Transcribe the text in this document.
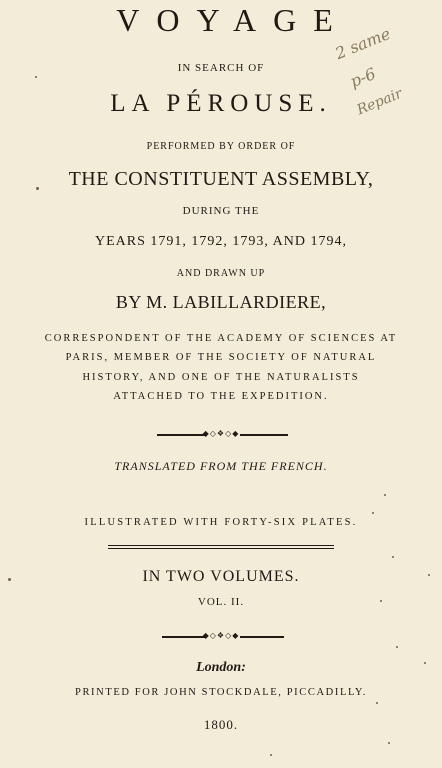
VOYAGE
IN SEARCH OF
LA PÉROUSE.
PERFORMED BY ORDER OF
THE CONSTITUENT ASSEMBLY,
DURING THE
YEARS 1791, 1792, 1793, AND 1794,
AND DRAWN UP
BY M. LABILLARDIERE,
CORRESPONDENT OF THE ACADEMY OF SCIENCES AT
PARIS, MEMBER OF THE SOCIETY OF NATURAL
HISTORY, AND ONE OF THE NATURALISTS
ATTACHED TO THE EXPEDITION.
◆◇❖◇◆
TRANSLATED FROM THE FRENCH.
ILLUSTRATED WITH FORTY-SIX PLATES.
IN TWO VOLUMES.
VOL. II.
◆◇❖◇◆
London:
PRINTED FOR JOHN STOCKDALE, PICCADILLY.
1800.
2 same
p-6
Repair
